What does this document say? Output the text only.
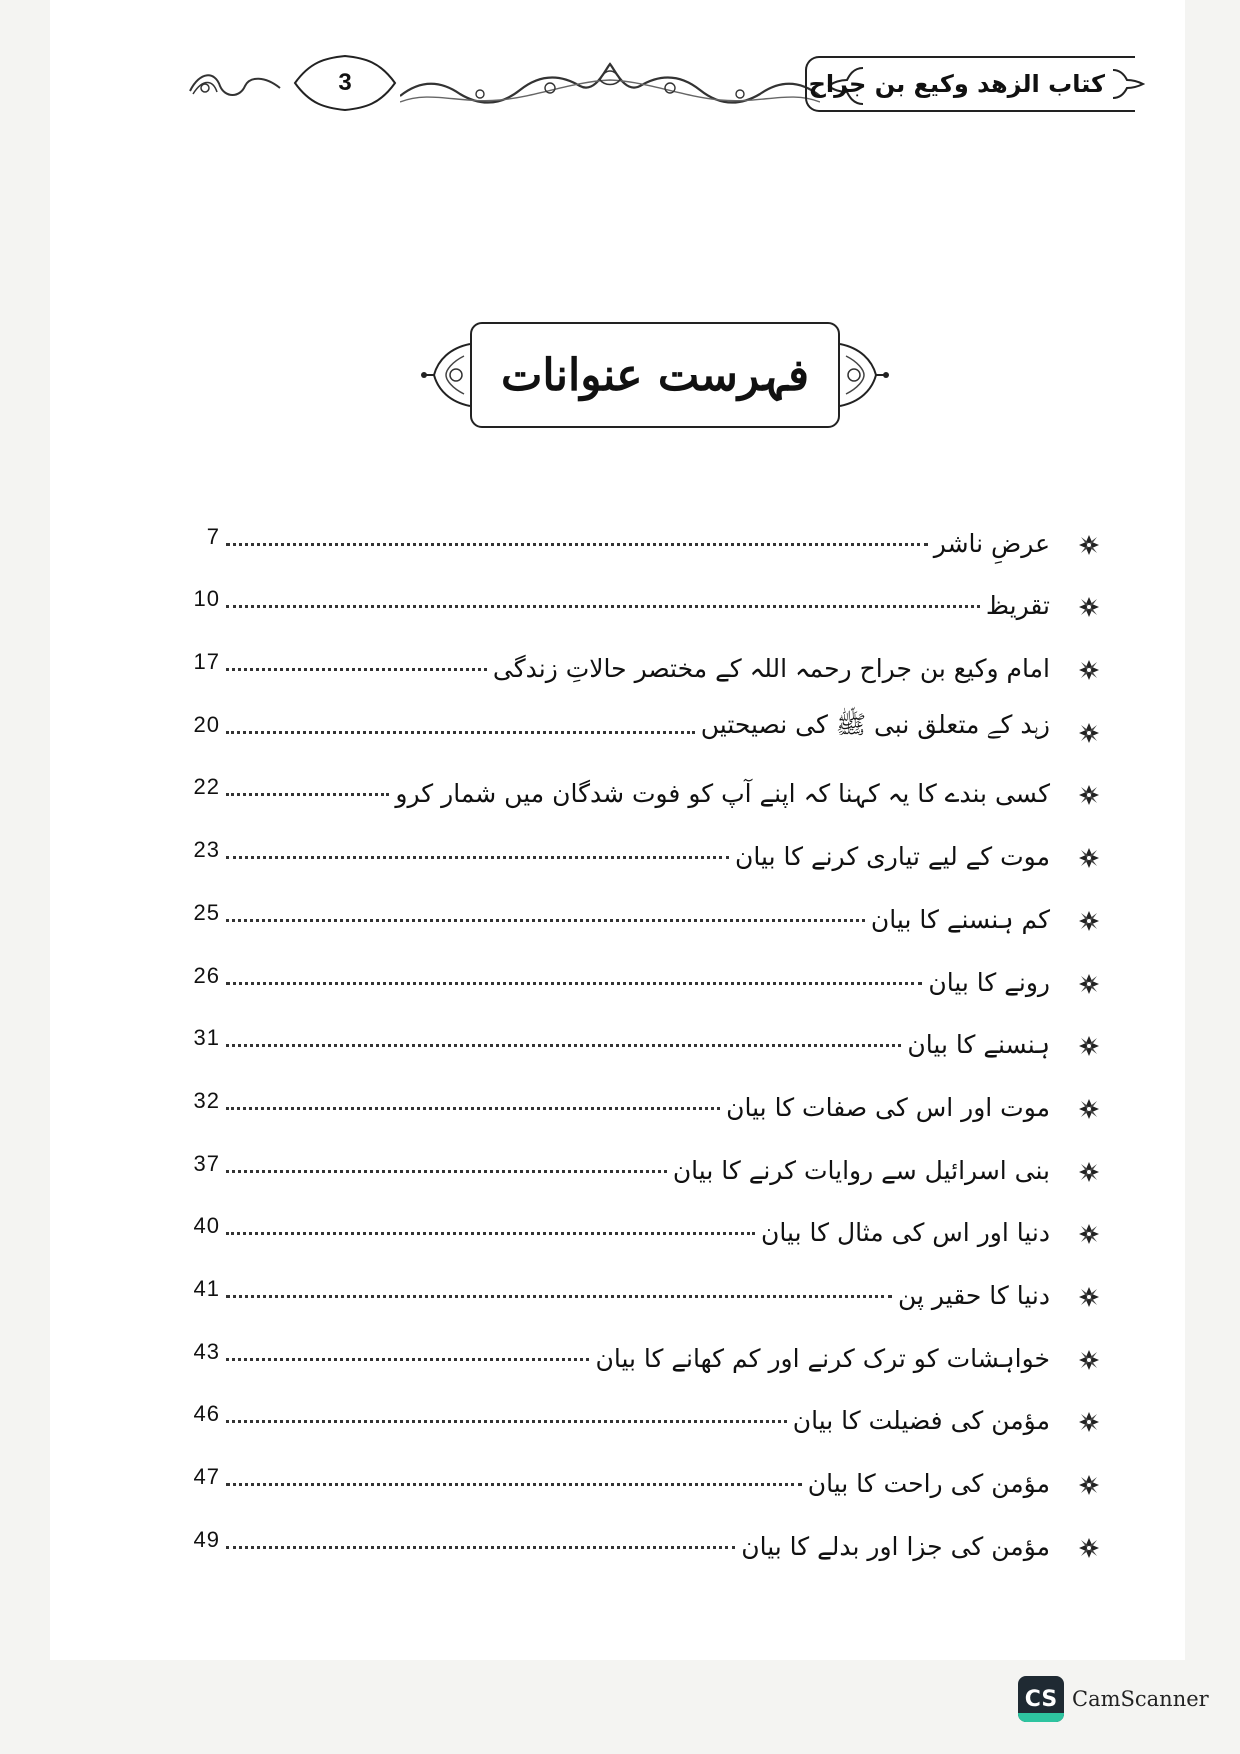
3	کتاب الزھد وکیع بن جراح
فہرست عنوانات
7	عرضِ ناشر
10	تقریظ
17	امام وکیع بن جراح رحمہ اللہ کے مختصر حالاتِ زندگی
20	زہد کے متعلق نبی ﷺ کی نصیحتیں
22	کسی بندے کا یہ کہنا کہ اپنے آپ کو فوت شدگان میں شمار کرو
23	موت کے لیے تیاری کرنے کا بیان
25	کم ہنسنے کا بیان
26	رونے کا بیان
31	ہنسنے کا بیان
32	موت اور اس کی صفات کا بیان
37	بنی اسرائیل سے روایات کرنے کا بیان
40	دنیا اور اس کی مثال کا بیان
41	دنیا کا حقیر پن
43	خواہشات کو ترک کرنے اور کم کھانے کا بیان
46	مؤمن کی فضیلت کا بیان
47	مؤمن کی راحت کا بیان
49	مؤمن کی جزا اور بدلے کا بیان
CS CamScanner
